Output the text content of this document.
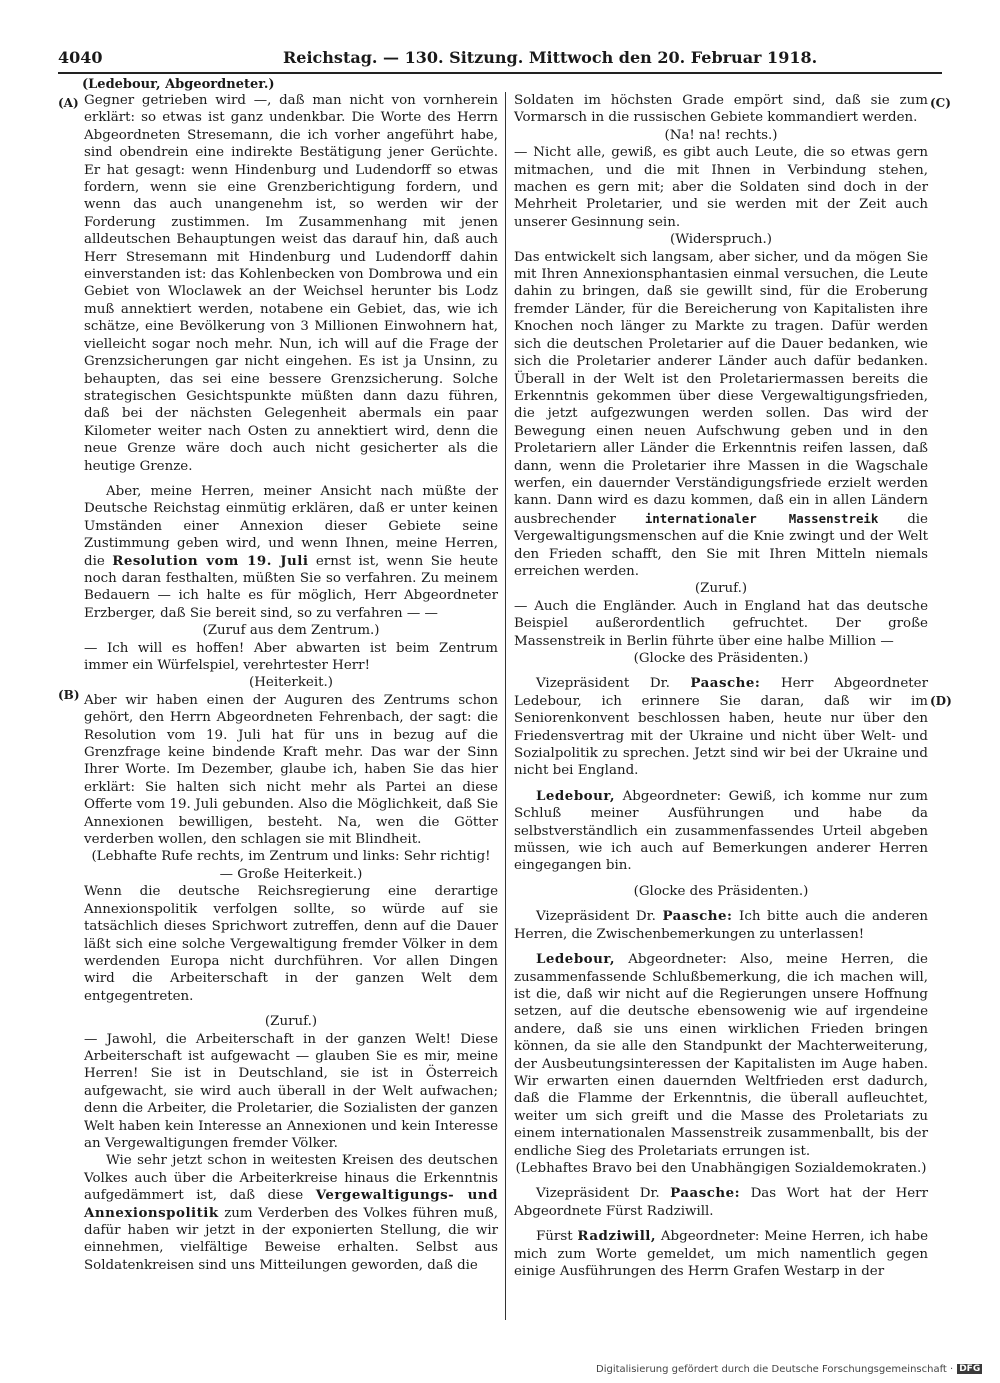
4040	Reichstag. — 130. Sitzung. Mittwoch den 20. Februar 1918.
(Ledebour, Abgeordneter.)
(A)
(B)
(C)
(D)

Gegner getrieben wird —, daß man nicht von vornherein erklärt: so etwas ist ganz undenkbar. Die Worte des Herrn Abgeordneten Stresemann, die ich vorher angeführt habe, sind obendrein eine indirekte Bestätigung jener Gerüchte. Er hat gesagt: wenn Hindenburg und Ludendorff so etwas fordern, wenn sie eine Grenzberichtigung fordern, und wenn das auch unangenehm ist, so werden wir der Forderung zustimmen. Im Zusammenhang mit jenen alldeutschen Behauptungen weist das darauf hin, daß auch Herr Stresemann mit Hindenburg und Ludendorff dahin einverstanden ist: das Kohlenbecken von Dombrowa und ein Gebiet von Wloclawek an der Weichsel herunter bis Lodz muß annektiert werden, notabene ein Gebiet, das, wie ich schätze, eine Bevölkerung von 3 Millionen Einwohnern hat, vielleicht sogar noch mehr. Nun, ich will auf die Frage der Grenzsicherungen gar nicht eingehen. Es ist ja Unsinn, zu behaupten, das sei eine bessere Grenzsicherung. Solche strategischen Gesichtspunkte müßten dann dazu führen, daß bei der nächsten Gelegenheit abermals ein paar Kilometer weiter nach Osten zu annektiert wird, denn die neue Grenze wäre doch auch nicht gesicherter als die heutige Grenze.

Aber, meine Herren, meiner Ansicht nach müßte der Deutsche Reichstag einmütig erklären, daß er unter keinen Umständen einer Annexion dieser Gebiete seine Zustimmung geben wird, und wenn Ihnen, meine Herren, die Resolution vom 19. Juli ernst ist, wenn Sie heute noch daran festhalten, müßten Sie so verfahren. Zu meinem Bedauern — ich halte es für möglich, Herr Abgeordneter Erzberger, daß Sie bereit sind, so zu verfahren — —

(Zuruf aus dem Zentrum.)

— Ich will es hoffen! Aber abwarten ist beim Zentrum immer ein Würfelspiel, verehrtester Herr!

(Heiterkeit.)

Aber wir haben einen der Auguren des Zentrums schon gehört, den Herrn Abgeordneten Fehrenbach, der sagt: die Resolution vom 19. Juli hat für uns in bezug auf die Grenzfrage keine bindende Kraft mehr. Das war der Sinn Ihrer Worte. Im Dezember, glaube ich, haben Sie das hier erklärt: Sie halten sich nicht mehr als Partei an diese Offerte vom 19. Juli gebunden. Also die Möglichkeit, daß Sie Annexionen bewilligen, besteht. Na, wen die Götter verderben wollen, den schlagen sie mit Blindheit.

(Lebhafte Rufe rechts, im Zentrum und links: Sehr richtig! — Große Heiterkeit.)

Wenn die deutsche Reichsregierung eine derartige Annexionspolitik verfolgen sollte, so würde auf sie tatsächlich dieses Sprichwort zutreffen, denn auf die Dauer läßt sich eine solche Vergewaltigung fremder Völker in dem werdenden Europa nicht durchführen. Vor allen Dingen wird die Arbeiterschaft in der ganzen Welt dem entgegentreten.

(Zuruf.)

— Jawohl, die Arbeiterschaft in der ganzen Welt! Diese Arbeiterschaft ist aufgewacht — glauben Sie es mir, meine Herren! Sie ist in Deutschland, sie ist in Österreich aufgewacht, sie wird auch überall in der Welt aufwachen; denn die Arbeiter, die Proletarier, die Sozialisten der ganzen Welt haben kein Interesse an Annexionen und kein Interesse an Vergewaltigungen fremder Völker.

Wie sehr jetzt schon in weitesten Kreisen des deutschen Volkes auch über die Arbeiterkreise hinaus die Erkenntnis aufgedämmert ist, daß diese Vergewaltigungs- und Annexionspolitik zum Verderben des Volkes führen muß, dafür haben wir jetzt in der exponierten Stellung, die wir einnehmen, vielfältige Beweise erhalten. Selbst aus Soldatenkreisen sind uns Mitteilungen geworden, daß die

Soldaten im höchsten Grade empört sind, daß sie zum Vormarsch in die russischen Gebiete kommandiert werden.

(Na! na! rechts.)

— Nicht alle, gewiß, es gibt auch Leute, die so etwas gern mitmachen, und die mit Ihnen in Verbindung stehen, machen es gern mit; aber die Soldaten sind doch in der Mehrheit Proletarier, und sie werden mit der Zeit auch unserer Gesinnung sein.

(Widerspruch.)

Das entwickelt sich langsam, aber sicher, und da mögen Sie mit Ihren Annexionsphantasien einmal versuchen, die Leute dahin zu bringen, daß sie gewillt sind, für die Eroberung fremder Länder, für die Bereicherung von Kapitalisten ihre Knochen noch länger zu Markte zu tragen. Dafür werden sich die deutschen Proletarier auf die Dauer bedanken, wie sich die Proletarier anderer Länder auch dafür bedanken. Überall in der Welt ist den Proletariermassen bereits die Erkenntnis gekommen über diese Vergewaltigungsfrieden, die jetzt aufgezwungen werden sollen. Das wird der Bewegung einen neuen Aufschwung geben und in den Proletariern aller Länder die Erkenntnis reifen lassen, daß dann, wenn die Proletarier ihre Massen in die Wagschale werfen, ein dauernder Verständigungsfriede erzielt werden kann. Dann wird es dazu kommen, daß ein in allen Ländern ausbrechender internationaler Massenstreik die Vergewaltigungsmenschen auf die Knie zwingt und der Welt den Frieden schafft, den Sie mit Ihren Mitteln niemals erreichen werden.

(Zuruf.)

— Auch die Engländer. Auch in England hat das deutsche Beispiel außerordentlich gefruchtet. Der große Massenstreik in Berlin führte über eine halbe Million —

(Glocke des Präsidenten.)

Vizepräsident Dr. Paasche: Herr Abgeordneter Ledebour, ich erinnere Sie daran, daß wir im Seniorenkonvent beschlossen haben, heute nur über den Friedensvertrag mit der Ukraine und nicht über Welt- und Sozialpolitik zu sprechen. Jetzt sind wir bei der Ukraine und nicht bei England.

Ledebour, Abgeordneter: Gewiß, ich komme nur zum Schluß meiner Ausführungen und habe da selbstverständlich ein zusammenfassendes Urteil abgeben müssen, wie ich auch auf Bemerkungen anderer Herren eingegangen bin.

(Glocke des Präsidenten.)

Vizepräsident Dr. Paasche: Ich bitte auch die anderen Herren, die Zwischenbemerkungen zu unterlassen!

Ledebour, Abgeordneter: Also, meine Herren, die zusammenfassende Schlußbemerkung, die ich machen will, ist die, daß wir nicht auf die Regierungen unsere Hoffnung setzen, auf die deutsche ebensowenig wie auf irgendeine andere, daß sie uns einen wirklichen Frieden bringen können, da sie alle den Standpunkt der Machterweiterung, der Ausbeutungsinteressen der Kapitalisten im Auge haben. Wir erwarten einen dauernden Weltfrieden erst dadurch, daß die Flamme der Erkenntnis, die überall aufleuchtet, weiter um sich greift und die Masse des Proletariats zu einem internationalen Massenstreik zusammenballt, bis der endliche Sieg des Proletariats errungen ist.

(Lebhaftes Bravo bei den Unabhängigen Sozialdemokraten.)

Vizepräsident Dr. Paasche: Das Wort hat der Herr Abgeordnete Fürst Radziwill.

Fürst Radziwill, Abgeordneter: Meine Herren, ich habe mich zum Worte gemeldet, um mich namentlich gegen einige Ausführungen des Herrn Grafen Westarp in der

Digitalisierung gefördert durch die Deutsche Forschungsgemeinschaft · DFG
